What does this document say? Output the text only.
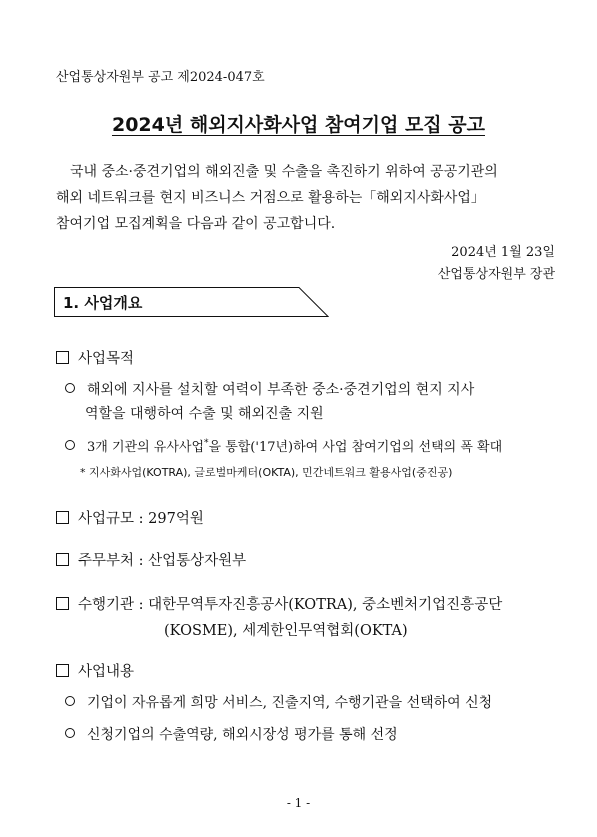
산업통상자원부 공고 제2024-047호
2024년 해외지사화사업 참여기업 모집 공고

국내 중소·중견기업의 해외진출 및 수출을 촉진하기 위하여 공공기관의

해외 네트워크를 현지 비즈니스 거점으로 활용하는「해외지사화사업」

참여기업 모집계획을 다음과 같이 공고합니다.

2024년 1월 23일
산업통상자원부 장관
1. 사업개요
사업목적
해외에 지사를 설치할 여력이 부족한 중소·중견기업의 현지 지사
역할을 대행하여 수출 및 해외진출 지원
3개 기관의 유사사업*을 통합('17년)하여 사업 참여기업의 선택의 폭 확대
* 지사화사업(KOTRA), 글로벌마케터(OKTA), 민간네트워크 활용사업(중진공)
사업규모 : 297억원
주무부처 : 산업통상자원부
수행기관 : 대한무역투자진흥공사(KOTRA), 중소벤처기업진흥공단
(KOSME), 세계한인무역협회(OKTA)
사업내용
기업이 자유롭게 희망 서비스, 진출지역, 수행기관을 선택하여 신청
신청기업의 수출역량, 해외시장성 평가를 통해 선정
- 1 -
